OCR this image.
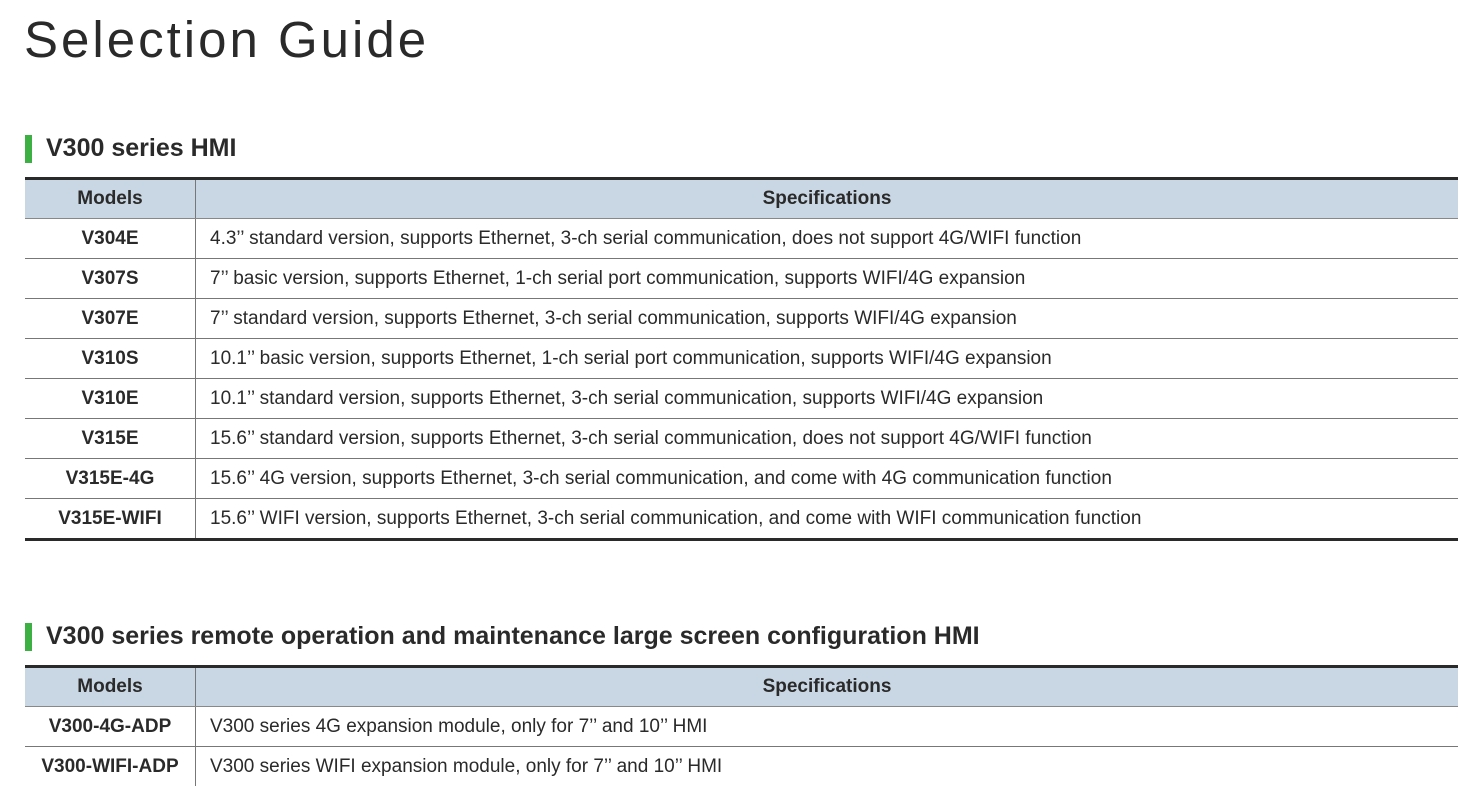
Selection Guide
V300 series HMI
Models	Specifications
V304E	4.3’’ standard version, supports Ethernet, 3-ch serial communication, does not support 4G/WIFI function
V307S	7’’ basic version, supports Ethernet, 1-ch serial port communication, supports WIFI/4G expansion
V307E	7’’ standard version, supports Ethernet, 3-ch serial communication, supports WIFI/4G expansion
V310S	10.1’’ basic version, supports Ethernet, 1-ch serial port communication, supports WIFI/4G expansion
V310E	10.1’’ standard version, supports Ethernet, 3-ch serial communication, supports WIFI/4G expansion
V315E	15.6’’ standard version, supports Ethernet, 3-ch serial communication, does not support 4G/WIFI function
V315E-4G	15.6’’ 4G version, supports Ethernet, 3-ch serial communication, and come with 4G communication function
V315E-WIFI	15.6’’ WIFI version, supports Ethernet, 3-ch serial communication, and come with WIFI communication function
V300 series remote operation and maintenance large screen configuration HMI
Models	Specifications
V300-4G-ADP	V300 series 4G expansion module, only for 7’’ and 10’’ HMI
V300-WIFI-ADP	V300 series WIFI expansion module, only for 7’’ and 10’’ HMI
